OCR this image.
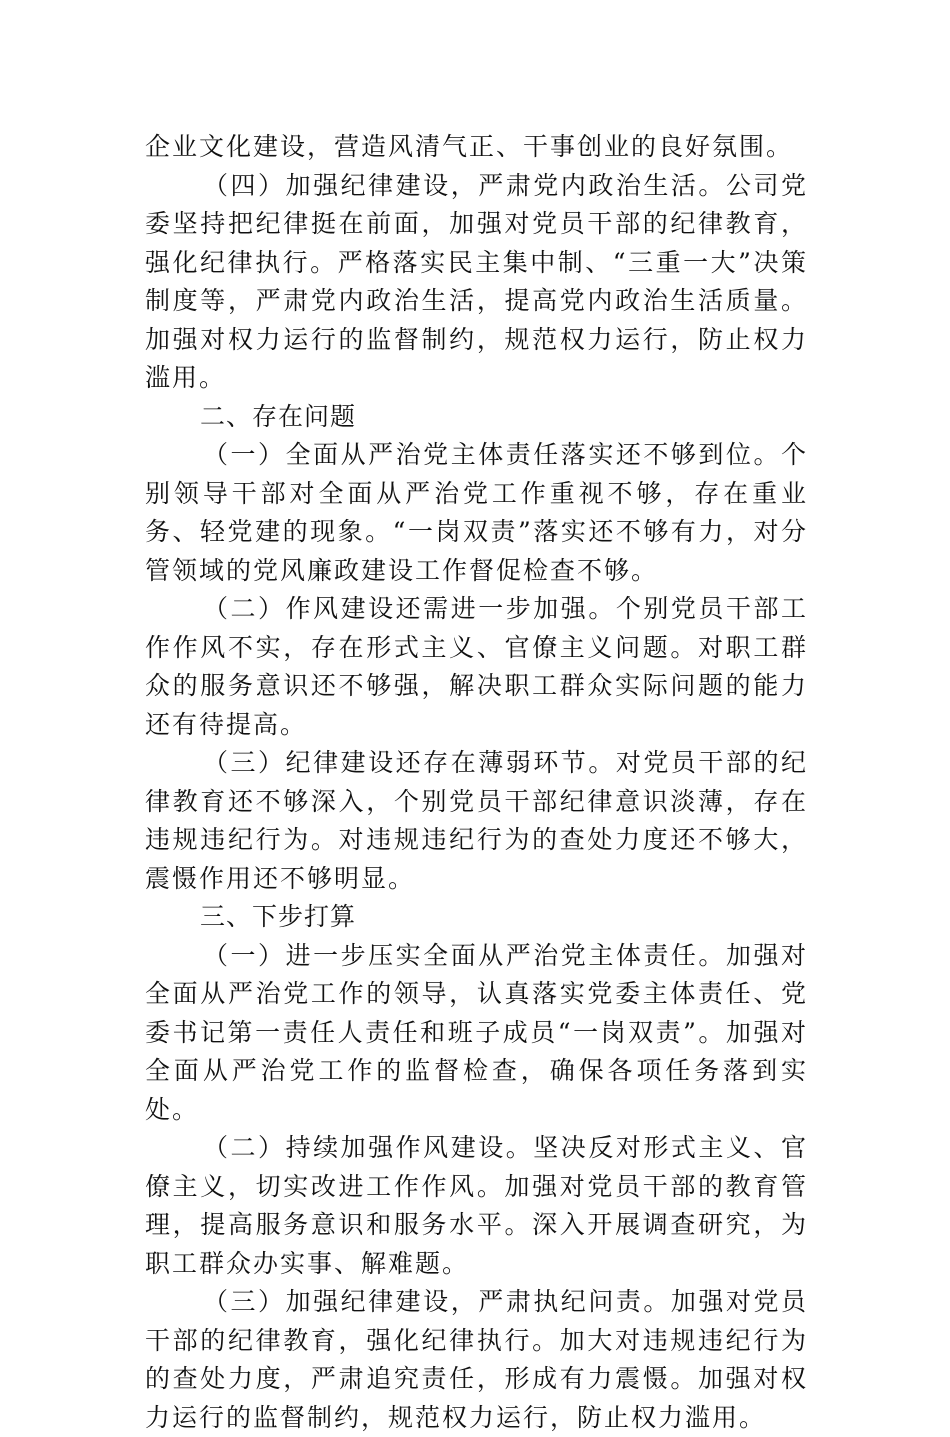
企业文化建设，营造风清气正、干事创业的良好氛围。

（四）加强纪律建设，严肃党内政治生活。公司党委坚持把纪律挺在前面，加强对党员干部的纪律教育，强化纪律执行。严格落实民主集中制、“三重一大”决策制度等，严肃党内政治生活，提高党内政治生活质量。加强对权力运行的监督制约，规范权力运行，防止权力滥用。

二、存在问题

（一）全面从严治党主体责任落实还不够到位。个别领导干部对全面从严治党工作重视不够，存在重业务、轻党建的现象。“一岗双责”落实还不够有力，对分管领域的党风廉政建设工作督促检查不够。

（二）作风建设还需进一步加强。个别党员干部工作作风不实，存在形式主义、官僚主义问题。对职工群众的服务意识还不够强，解决职工群众实际问题的能力还有待提高。

（三）纪律建设还存在薄弱环节。对党员干部的纪律教育还不够深入，个别党员干部纪律意识淡薄，存在违规违纪行为。对违规违纪行为的查处力度还不够大，震慑作用还不够明显。

三、下步打算

（一）进一步压实全面从严治党主体责任。加强对全面从严治党工作的领导，认真落实党委主体责任、党委书记第一责任人责任和班子成员“一岗双责”。加强对全面从严治党工作的监督检查，确保各项任务落到实处。

（二）持续加强作风建设。坚决反对形式主义、官僚主义，切实改进工作作风。加强对党员干部的教育管理，提高服务意识和服务水平。深入开展调查研究，为职工群众办实事、解难题。

（三）加强纪律建设，严肃执纪问责。加强对党员干部的纪律教育，强化纪律执行。加大对违规违纪行为的查处力度，严肃追究责任，形成有力震慑。加强对权力运行的监督制约，规范权力运行，防止权力滥用。
